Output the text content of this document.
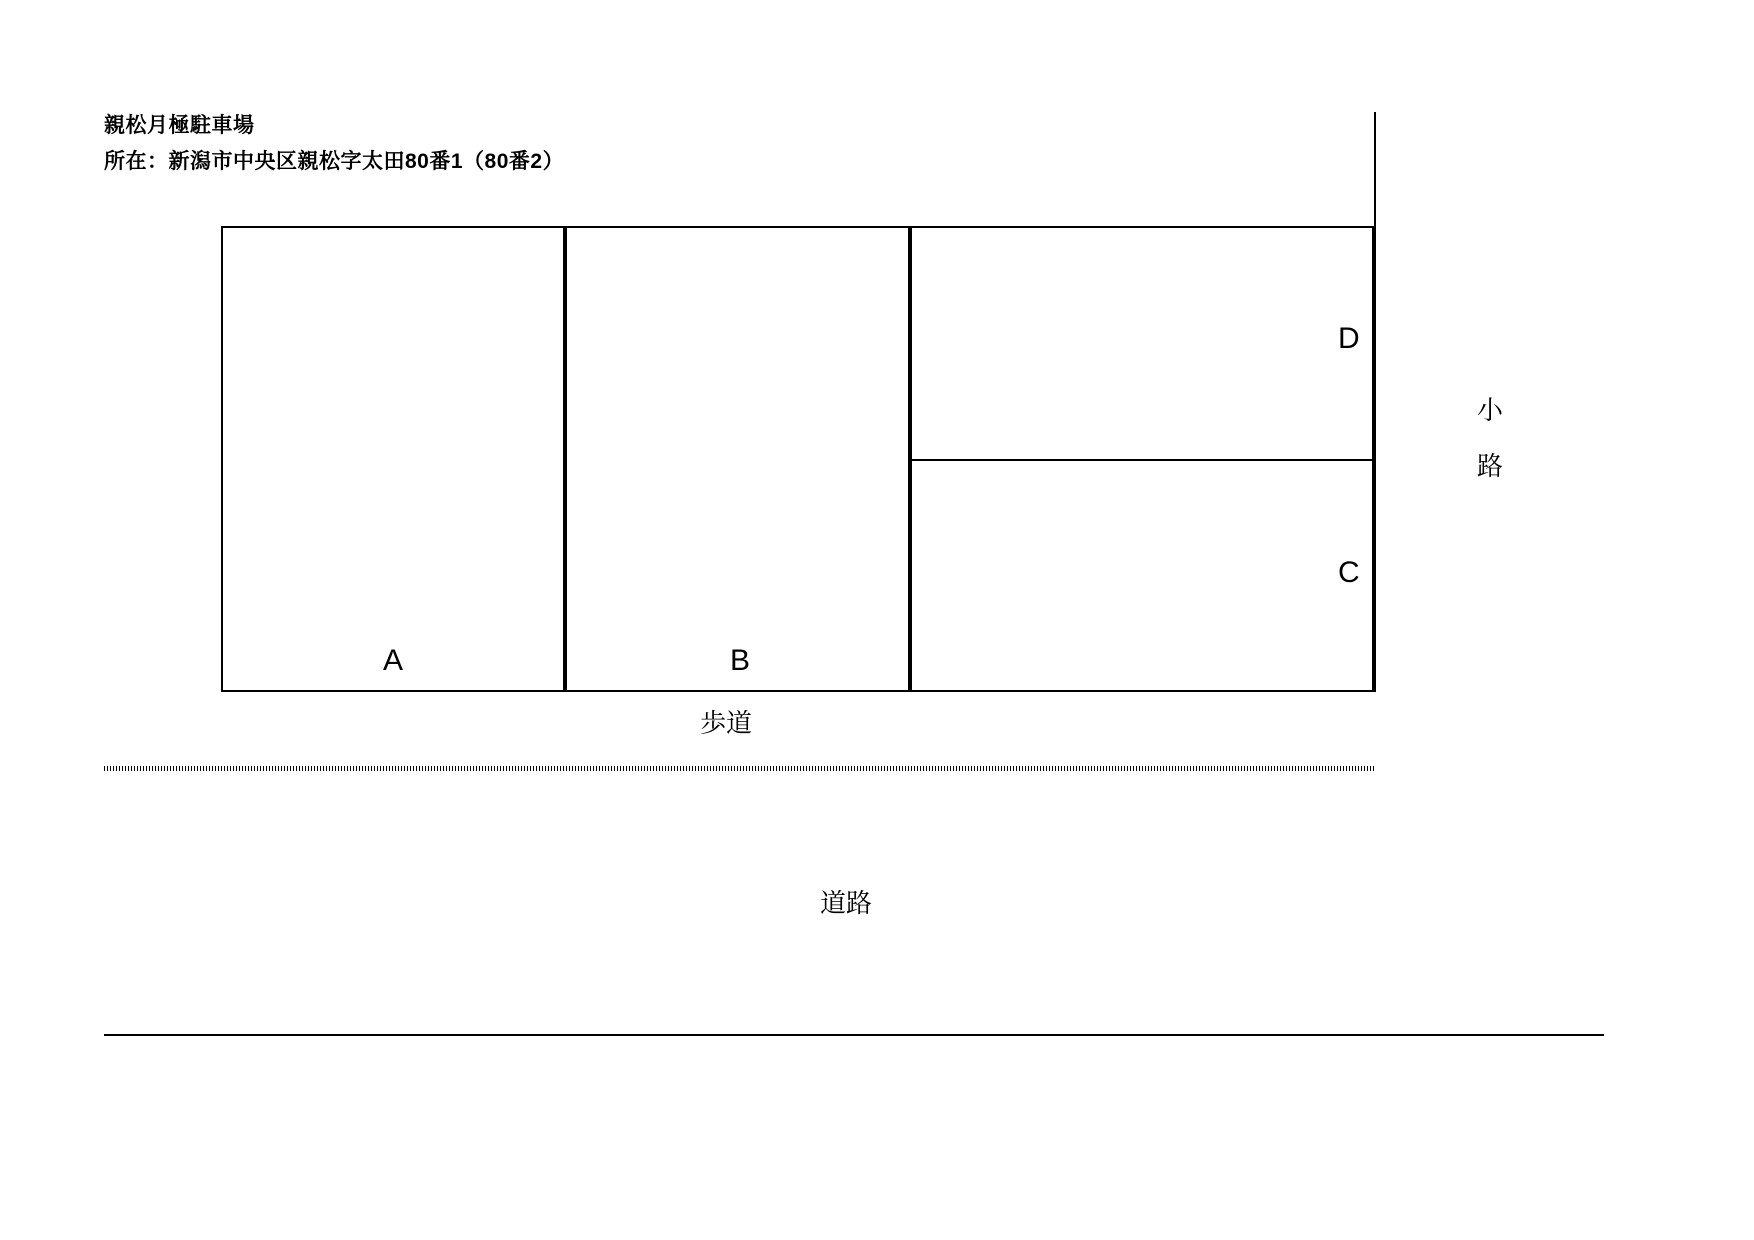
親松月極駐車場
所在：新潟市中央区親松字太田80番1（80番2）
A	B
C
D
小
路
歩道
道路
